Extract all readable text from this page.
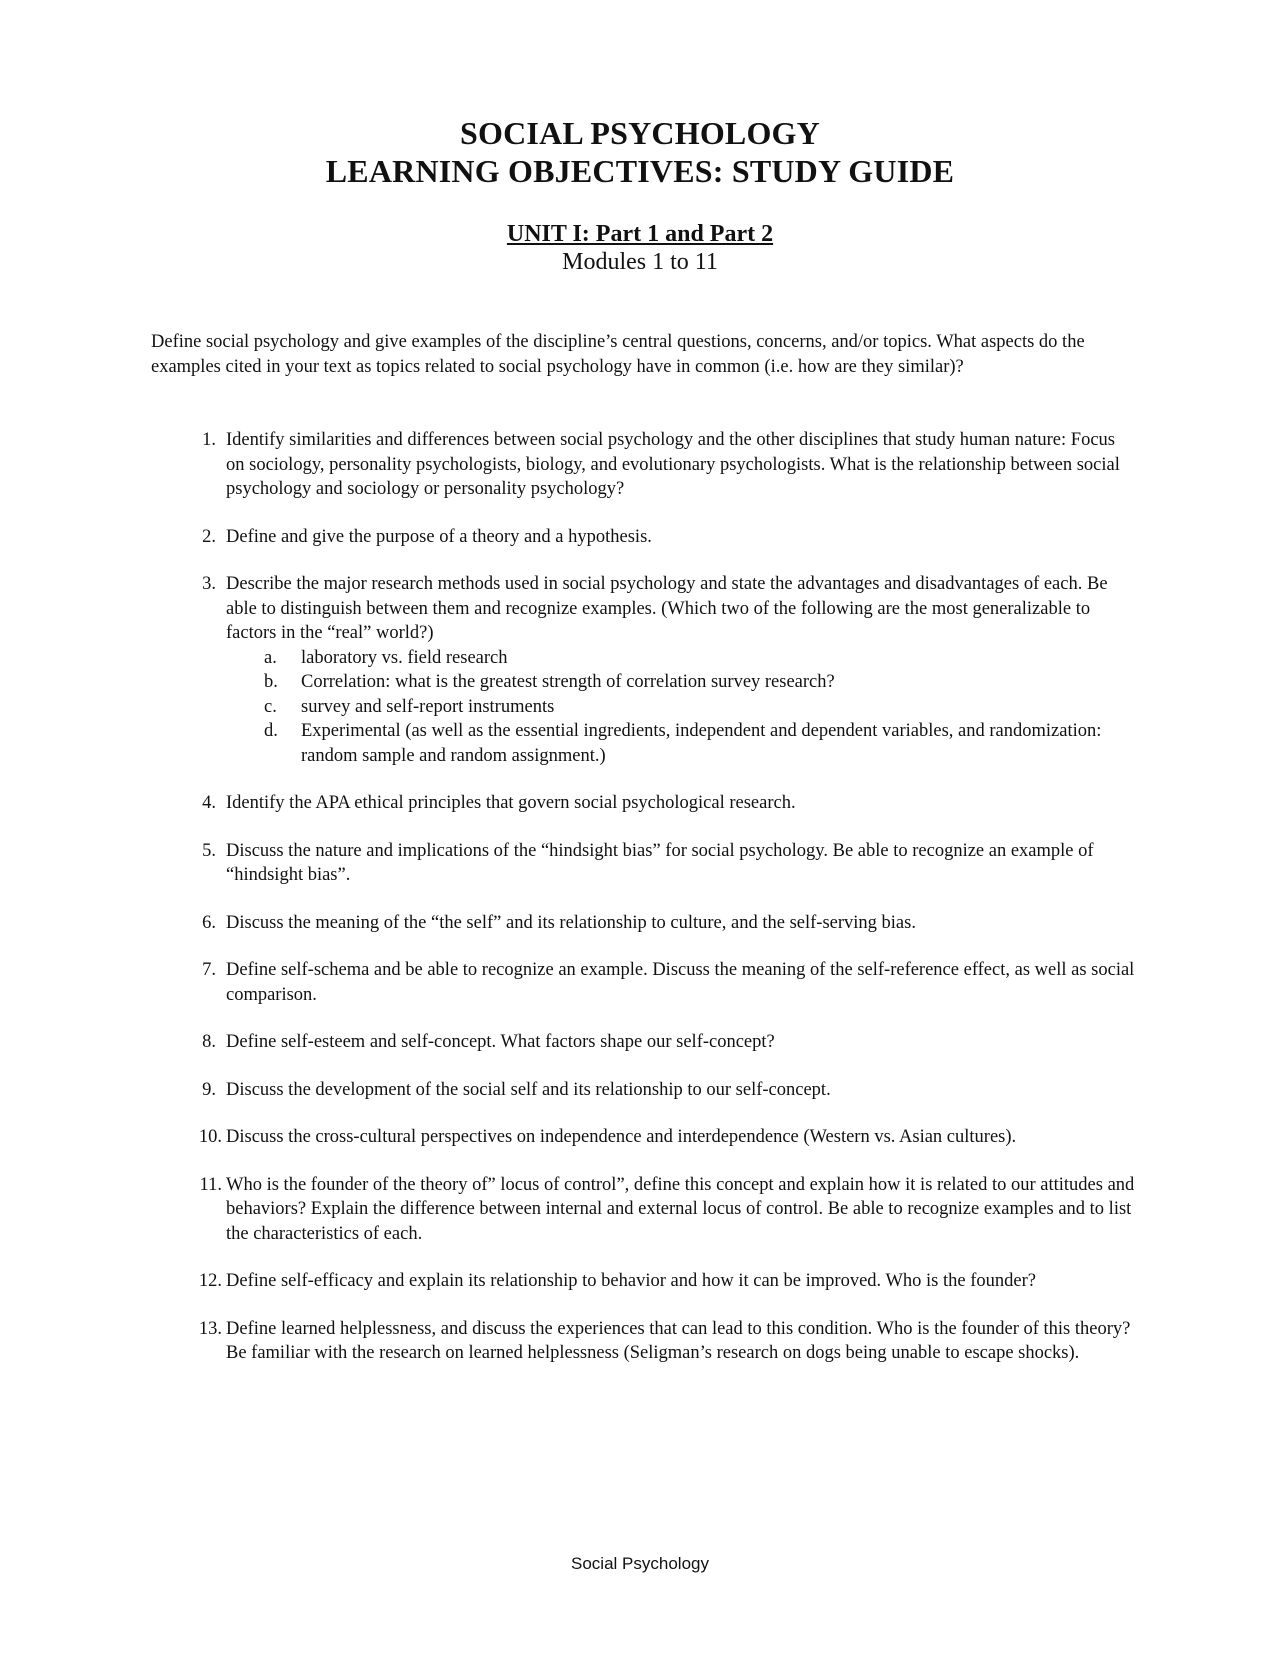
SOCIAL PSYCHOLOGY
LEARNING OBJECTIVES: STUDY GUIDE
UNIT I: Part 1 and Part 2
Modules 1 to 11

Define social psychology and give examples of the discipline’s central questions, concerns, and/or topics. What aspects do the examples cited in your text as topics related to social psychology have in common (i.e. how are they similar)?

1. Identify similarities and differences between social psychology and the other disciplines that study human nature: Focus on sociology, personality psychologists, biology, and evolutionary psychologists. What is the relationship between social psychology and sociology or personality psychology?
2. Define and give the purpose of a theory and a hypothesis.
3. Describe the major research methods used in social psychology and state the advantages and disadvantages of each. Be able to distinguish between them and recognize examples. (Which two of the following are the most generalizable to factors in the “real” world?)
a. laboratory vs. field research
b. Correlation: what is the greatest strength of correlation survey research?
c. survey and self-report instruments
d. Experimental (as well as the essential ingredients, independent and dependent variables, and randomization: random sample and random assignment.)
4. Identify the APA ethical principles that govern social psychological research.
5. Discuss the nature and implications of the “hindsight bias” for social psychology. Be able to recognize an example of “hindsight bias”.
6. Discuss the meaning of the “the self” and its relationship to culture, and the self-serving bias.
7. Define self-schema and be able to recognize an example. Discuss the meaning of the self-reference effect, as well as social comparison.
8. Define self-esteem and self-concept. What factors shape our self-concept?
9. Discuss the development of the social self and its relationship to our self-concept.
10. Discuss the cross-cultural perspectives on independence and interdependence (Western vs. Asian cultures).
11. Who is the founder of the theory of” locus of control”, define this concept and explain how it is related to our attitudes and behaviors? Explain the difference between internal and external locus of control. Be able to recognize examples and to list the characteristics of each.
12. Define self-efficacy and explain its relationship to behavior and how it can be improved. Who is the founder?
13. Define learned helplessness, and discuss the experiences that can lead to this condition. Who is the founder of this theory? Be familiar with the research on learned helplessness (Seligman’s research on dogs being unable to escape shocks).
Social Psychology
